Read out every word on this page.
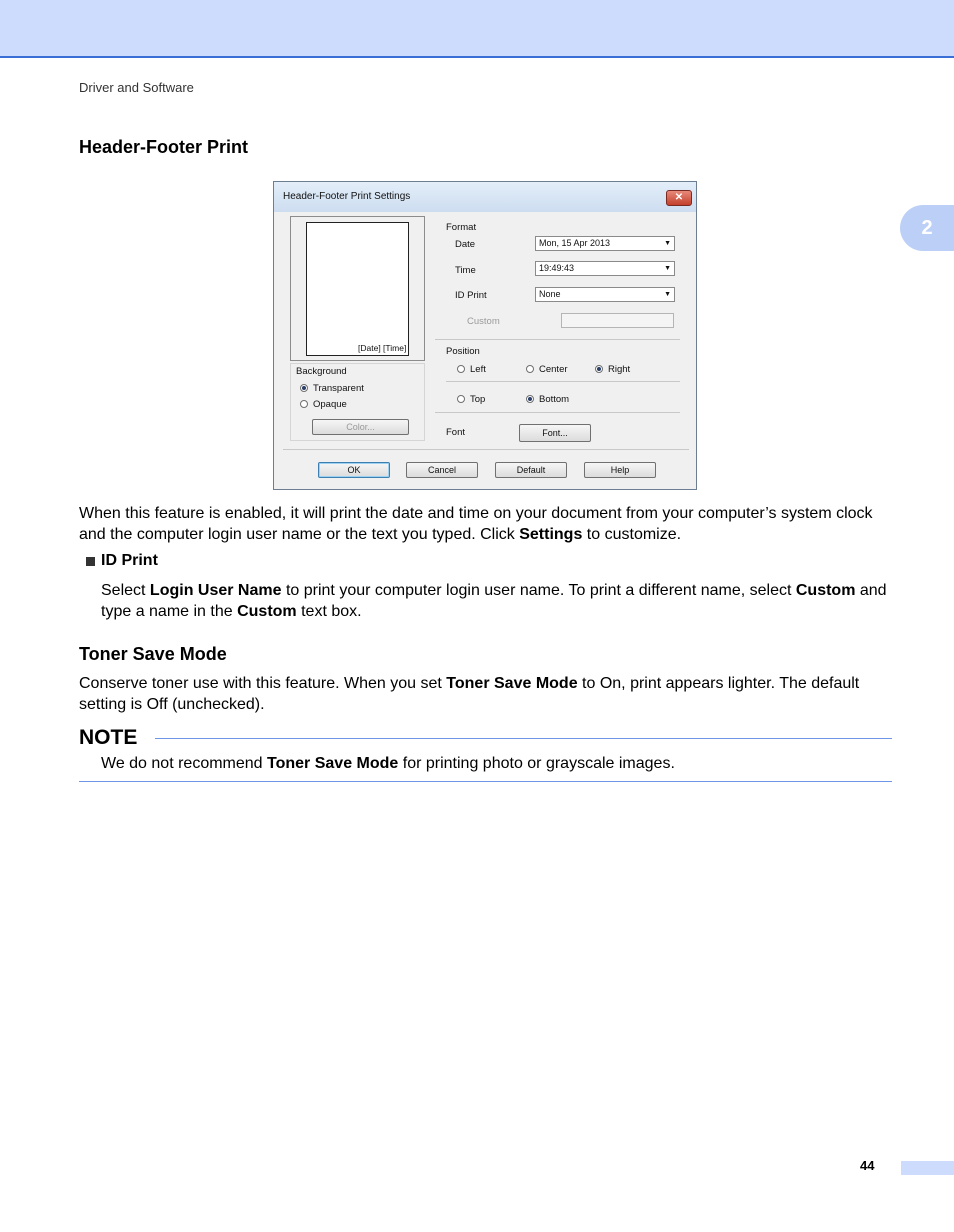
Driver and Software
2
Header-Footer Print
Header-Footer Print Settings	✕
[Date] [Time]
Background
Transparent
Opaque
Color...
Format
Date	Mon, 15 Apr 2013	▼
Time	19:49:43	▼
ID Print	None	▼
Custom
Position
Left	Center	Right
Top	Bottom
Font	Font...
OK	Cancel	Default	Help
When this feature is enabled, it will print the date and time on your document from your computer’s system clock and the computer login user name or the text you typed. Click Settings to customize.
ID Print
Select Login User Name to print your computer login user name. To print a different name, select Custom and type a name in the Custom text box.
Toner Save Mode
Conserve toner use with this feature. When you set Toner Save Mode to On, print appears lighter. The default setting is Off (unchecked).
NOTE
We do not recommend Toner Save Mode for printing photo or grayscale images.
44
